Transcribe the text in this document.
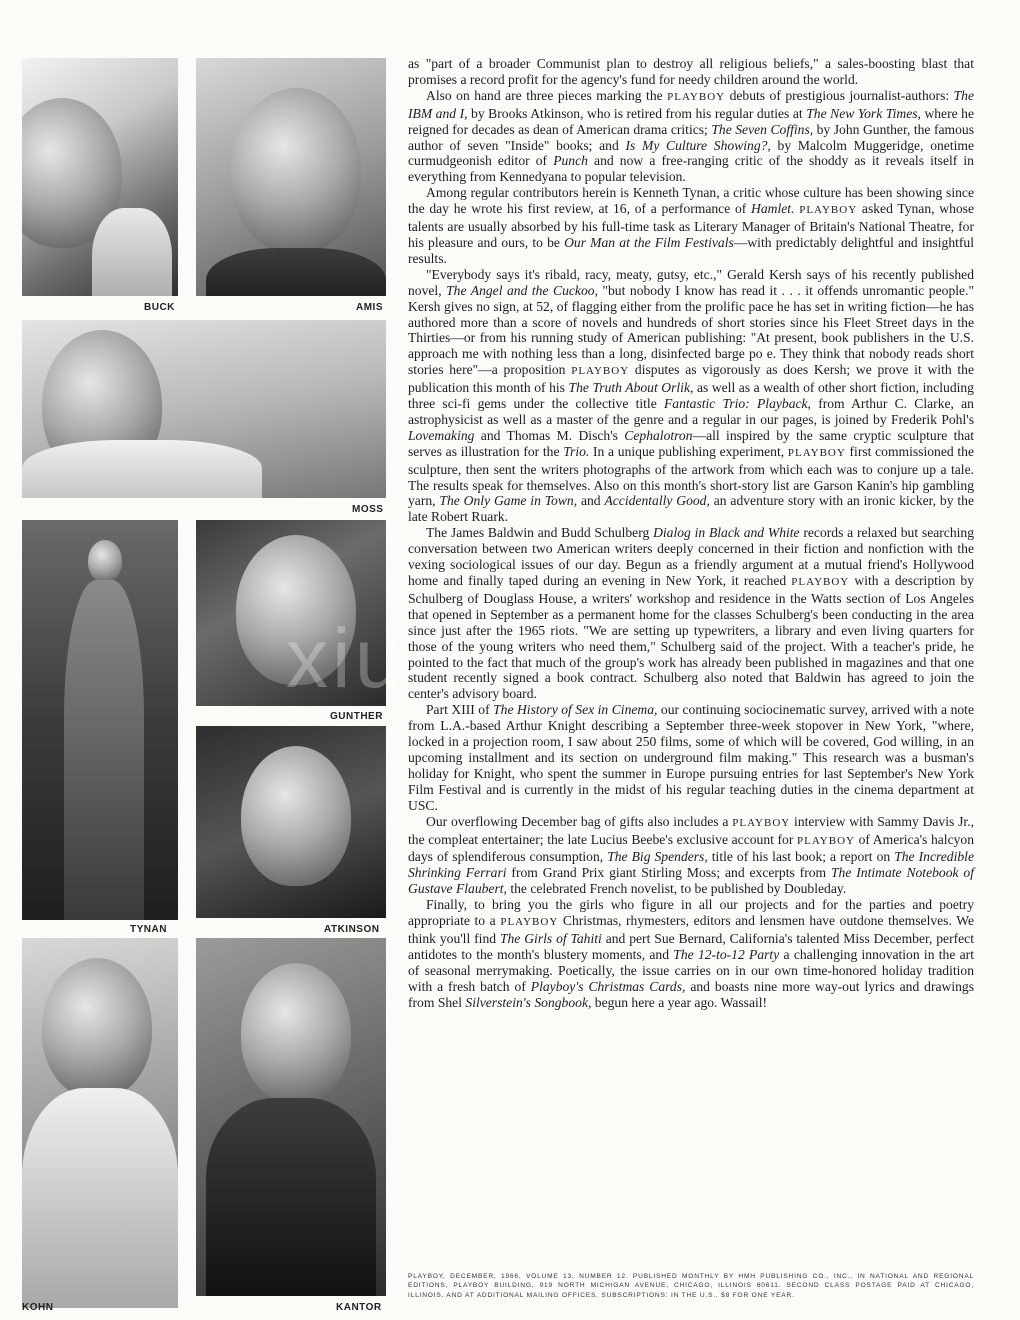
BUCK	AMIS
MOSS
TYNAN
GUNTHER
ATKINSON
KOHN	KANTOR
xiu

as "part of a broader Communist plan to destroy all religious beliefs," a sales-boosting blast that promises a record profit for the agency's fund for needy children around the world.

Also on hand are three pieces marking the PLAYBOY debuts of prestigious journalist-authors: The IBM and I, by Brooks Atkinson, who is retired from his regular duties at The New York Times, where he reigned for decades as dean of American drama critics; The Seven Coffins, by John Gunther, the famous author of seven "Inside" books; and Is My Culture Showing?, by Malcolm Muggeridge, onetime curmudgeonish editor of Punch and now a free-ranging critic of the shoddy as it reveals itself in everything from Kennedyana to popular television.

Among regular contributors herein is Kenneth Tynan, a critic whose culture has been showing since the day he wrote his first review, at 16, of a performance of Hamlet. PLAYBOY asked Tynan, whose talents are usually absorbed by his full-time task as Literary Manager of Britain's National Theatre, for his pleasure and ours, to be Our Man at the Film Festivals—with predictably delightful and insightful results.

"Everybody says it's ribald, racy, meaty, gutsy, etc.," Gerald Kersh says of his recently published novel, The Angel and the Cuckoo, "but nobody I know has read it . . . it offends unromantic people." Kersh gives no sign, at 52, of flagging either from the prolific pace he has set in writing fiction—he has authored more than a score of novels and hundreds of short stories since his Fleet Street days in the Thirties—or from his running study of American publishing: "At present, book publishers in the U.S. approach me with nothing less than a long, disinfected barge po e. They think that nobody reads short stories here"—a proposition PLAYBOY disputes as vigorously as does Kersh; we prove it with the publication this month of his The Truth About Orlik, as well as a wealth of other short fiction, including three sci-fi gems under the collective title Fantastic Trio: Playback, from Arthur C. Clarke, an astrophysicist as well as a master of the genre and a regular in our pages, is joined by Frederik Pohl's Lovemaking and Thomas M. Disch's Cephalotron—all inspired by the same cryptic sculpture that serves as illustration for the Trio. In a unique publishing experiment, PLAYBOY first commissioned the sculpture, then sent the writers photographs of the artwork from which each was to conjure up a tale. The results speak for themselves. Also on this month's short-story list are Garson Kanin's hip gambling yarn, The Only Game in Town, and Accidentally Good, an adventure story with an ironic kicker, by the late Robert Ruark.

The James Baldwin and Budd Schulberg Dialog in Black and White records a relaxed but searching conversation between two American writers deeply concerned in their fiction and nonfiction with the vexing sociological issues of our day. Begun as a friendly argument at a mutual friend's Hollywood home and finally taped during an evening in New York, it reached PLAYBOY with a description by Schulberg of Douglass House, a writers' workshop and residence in the Watts section of Los Angeles that opened in September as a permanent home for the classes Schulberg's been conducting in the area since just after the 1965 riots. "We are setting up typewriters, a library and even living quarters for those of the young writers who need them," Schulberg said of the project. With a teacher's pride, he pointed to the fact that much of the group's work has already been published in magazines and that one student recently signed a book contract. Schulberg also noted that Baldwin has agreed to join the center's advisory board.

Part XIII of The History of Sex in Cinema, our continuing sociocinematic survey, arrived with a note from L.A.-based Arthur Knight describing a September three-week stopover in New York, "where, locked in a projection room, I saw about 250 films, some of which will be covered, God willing, in an upcoming installment and its section on underground film making." This research was a busman's holiday for Knight, who spent the summer in Europe pursuing entries for last September's New York Film Festival and is currently in the midst of his regular teaching duties in the cinema department at USC.

Our overflowing December bag of gifts also includes a PLAYBOY interview with Sammy Davis Jr., the compleat entertainer; the late Lucius Beebe's exclusive account for PLAYBOY of America's halcyon days of splendiferous consumption, The Big Spenders, title of his last book; a report on The Incredible Shrinking Ferrari from Grand Prix giant Stirling Moss; and excerpts from The Intimate Notebook of Gustave Flaubert, the celebrated French novelist, to be published by Doubleday.

Finally, to bring you the girls who figure in all our projects and for the parties and poetry appropriate to a PLAYBOY Christmas, rhymesters, editors and lensmen have outdone themselves. We think you'll find The Girls of Tahiti and pert Sue Bernard, California's talented Miss December, perfect antidotes to the month's blustery moments, and The 12-to-12 Party a challenging innovation in the art of seasonal merrymaking. Poetically, the issue carries on in our own time-honored holiday tradition with a fresh batch of Playboy's Christmas Cards, and boasts nine more way-out lyrics and drawings from Shel Silverstein's Songbook, begun here a year ago. Wassail!

PLAYBOY, DECEMBER, 1966, VOLUME 13, NUMBER 12. PUBLISHED MONTHLY BY HMH PUBLISHING CO., INC., IN NATIONAL AND REGIONAL EDITIONS, PLAYBOY BUILDING, 919 NORTH MICHIGAN AVENUE, CHICAGO, ILLINOIS 60611. SECOND CLASS POSTAGE PAID AT CHICAGO, ILLINOIS, AND AT ADDITIONAL MAILING OFFICES. SUBSCRIPTIONS: IN THE U.S., $8 FOR ONE YEAR.
